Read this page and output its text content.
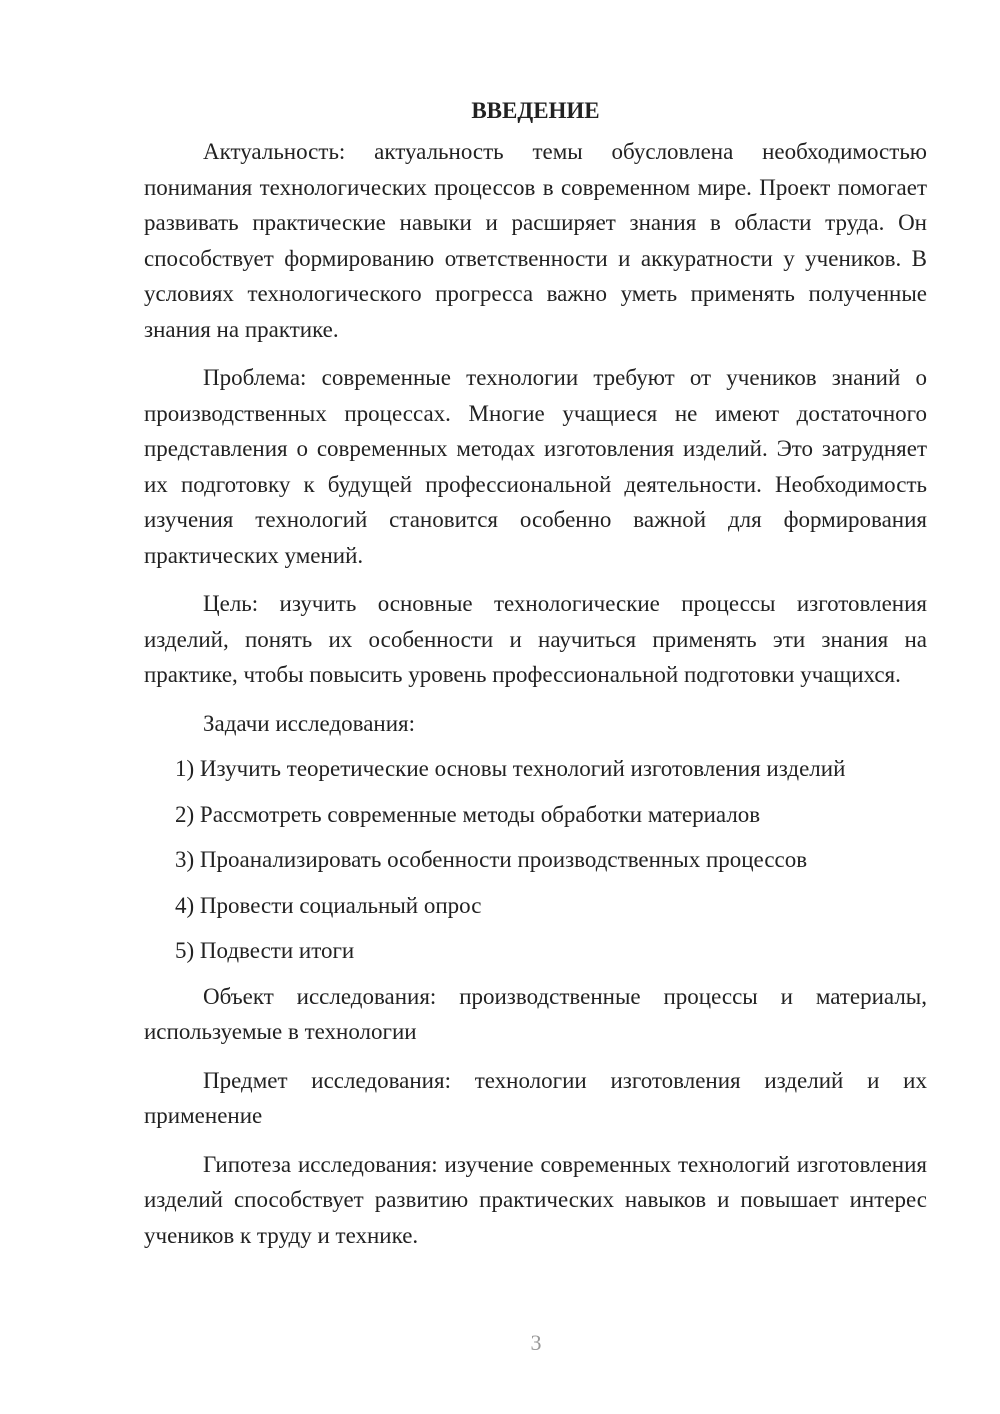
ВВЕДЕНИЕ

Актуальность: актуальность темы обусловлена необходимостью понимания технологических процессов в современном мире. Проект помогает развивать практические навыки и расширяет знания в области труда. Он способствует формированию ответственности и аккуратности у учеников. В условиях технологического прогресса важно уметь применять полученные знания на практике.

Проблема: современные технологии требуют от учеников знаний о производственных процессах. Многие учащиеся не имеют достаточного представления о современных методах изготовления изделий. Это затрудняет их подготовку к будущей профессиональной деятельности. Необходимость изучения технологий становится особенно важной для формирования практических умений.

Цель: изучить основные технологические процессы изготовления изделий, понять их особенности и научиться применять эти знания на практике, чтобы повысить уровень профессиональной подготовки учащихся.

Задачи исследования:

1) Изучить теоретические основы технологий изготовления изделий
2) Рассмотреть современные методы обработки материалов
3) Проанализировать особенности производственных процессов
4) Провести социальный опрос
5) Подвести итоги

Объект исследования: производственные процессы и материалы, используемые в технологии

Предмет исследования: технологии изготовления изделий и их применение

Гипотеза исследования: изучение современных технологий изготовления изделий способствует развитию практических навыков и повышает интерес учеников к труду и технике.

3
